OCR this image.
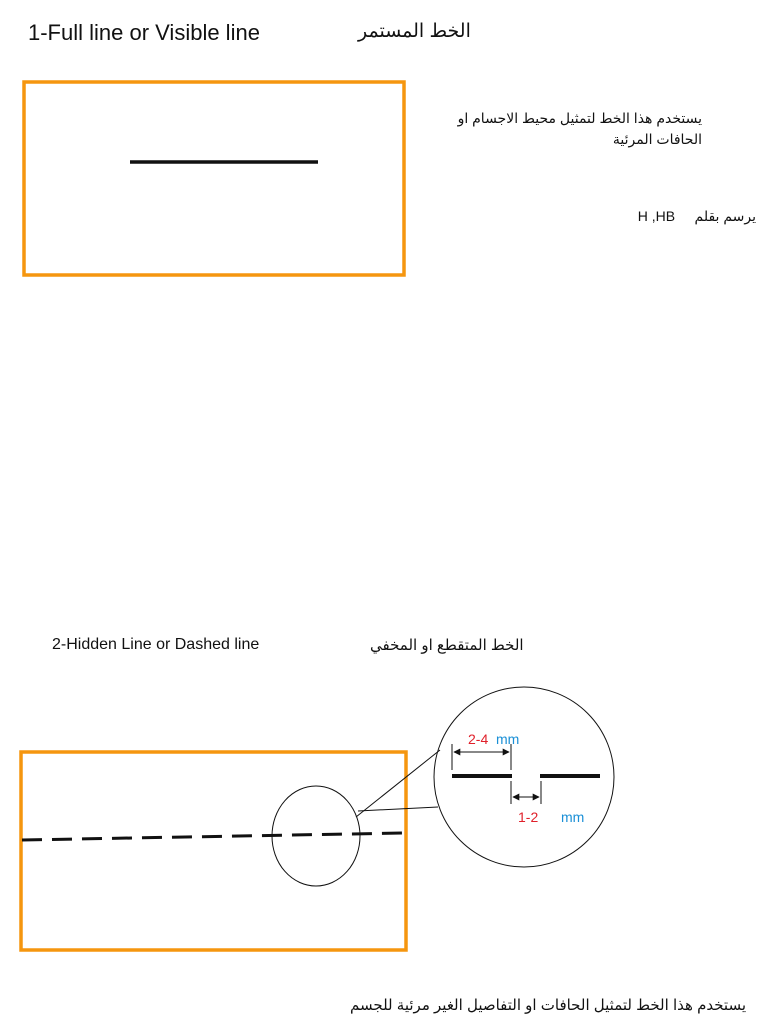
1-Full line or Visible line	الخط المستمر
يستخدم هذا الخط لتمثيل محيط الاجسام او الحافات المرئية
H ,HB يرسم بقلم
2-Hidden Line or Dashed line	الخط المتقطع او المخفي
يستخدم هذا الخط لتمثيل الحافات او التفاصيل الغير مرئية للجسم
2-4 mm
1-2 mm
